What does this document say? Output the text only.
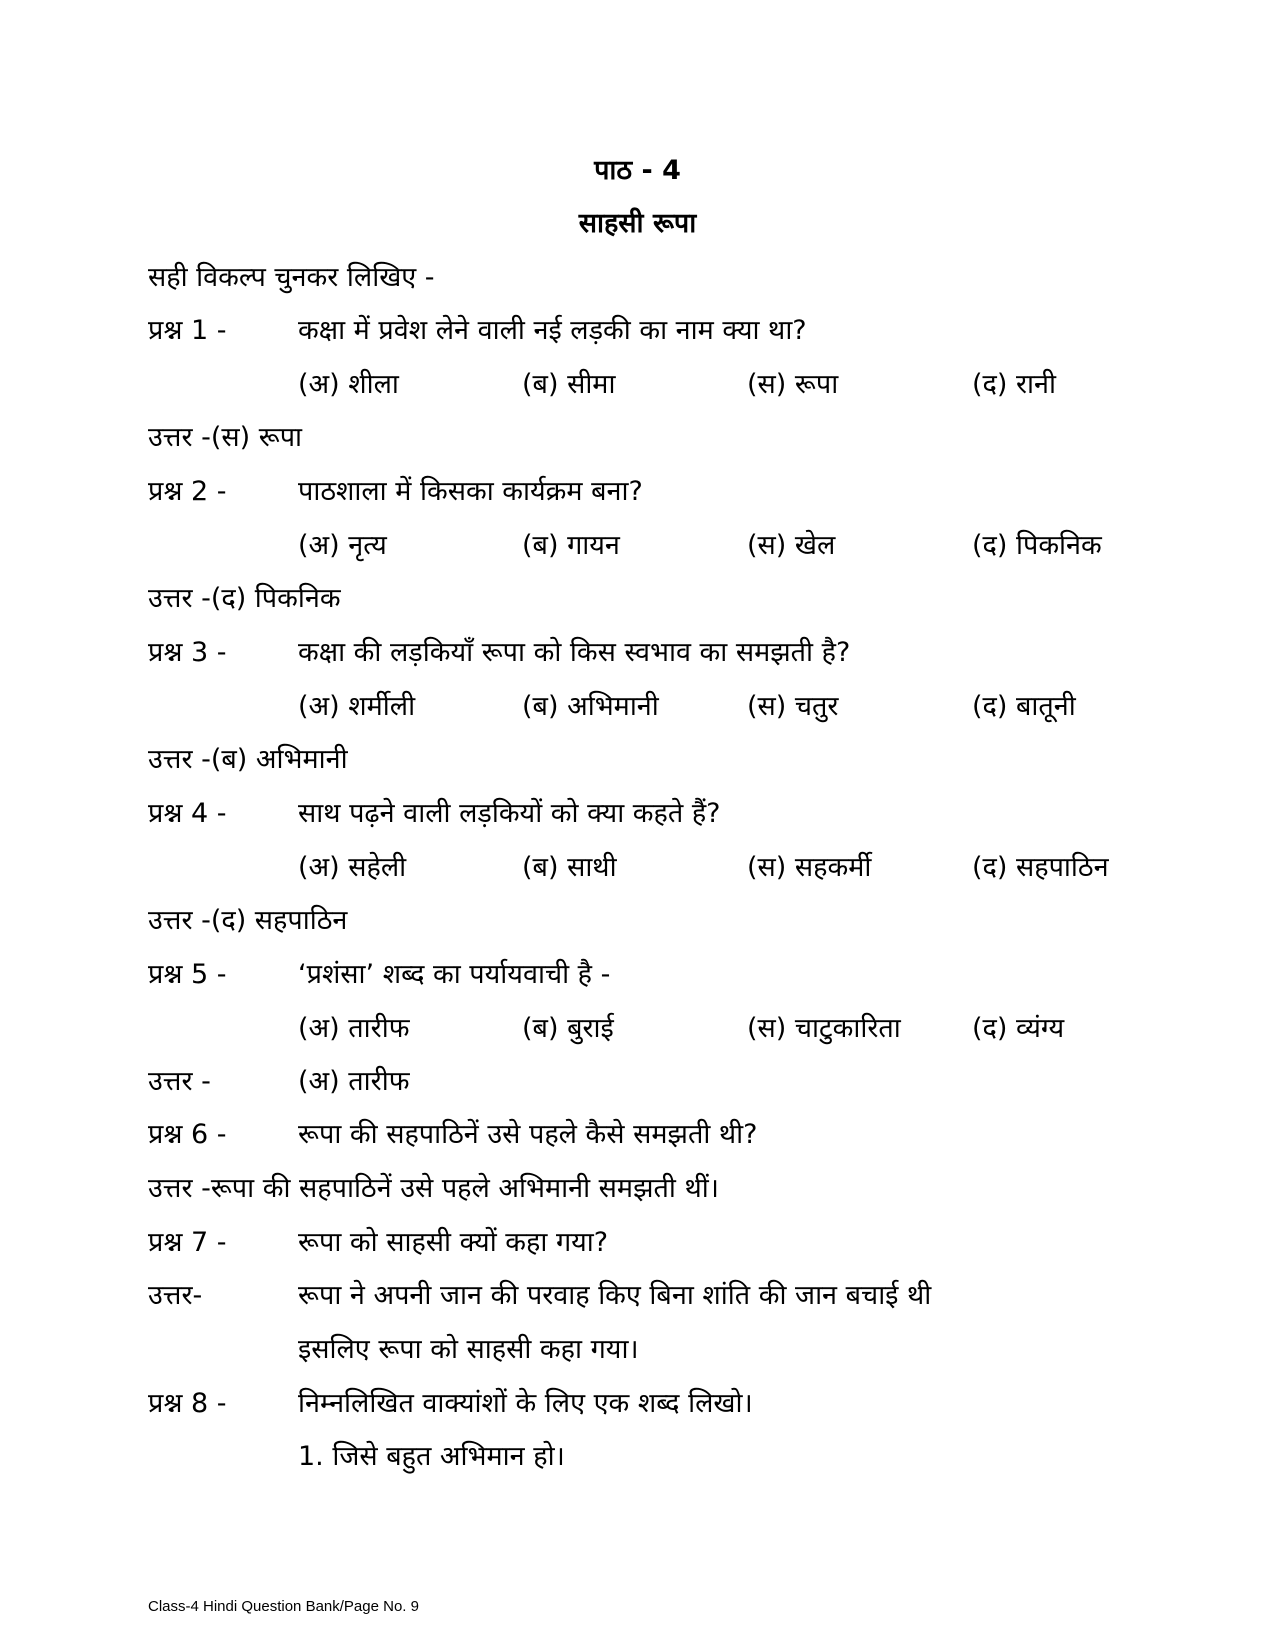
पाठ - 4
साहसी रूपा
सही विकल्प चुनकर लिखिए -
प्रश्न 1 -	कक्षा में प्रवेश लेने वाली नई लड़की का नाम क्या था?
(अ) शीला	(ब) सीमा	(स) रूपा	(द) रानी
उत्तर -(स) रूपा
प्रश्न 2 -	पाठशाला में किसका कार्यक्रम बना?
(अ) नृत्य	(ब) गायन	(स) खेल	(द) पिकनिक
उत्तर -(द) पिकनिक
प्रश्न 3 -	कक्षा की लड़कियाँ रूपा को किस स्वभाव का समझती है?
(अ) शर्मीली	(ब) अभिमानी	(स) चतुर	(द) बातूनी
उत्तर -(ब) अभिमानी
प्रश्न 4 -	साथ पढ़ने वाली लड़कियों को क्या कहते हैं?
(अ) सहेली	(ब) साथी	(स) सहकर्मी	(द) सहपाठिन
उत्तर -(द) सहपाठिन
प्रश्न 5 -	‘प्रशंसा’ शब्द का पर्यायवाची है -
(अ) तारीफ	(ब) बुराई	(स) चाटुकारिता	(द) व्यंग्य
उत्तर -	(अ) तारीफ
प्रश्न 6 -	रूपा की सहपाठिनें उसे पहले कैसे समझती थी?
उत्तर -रूपा की सहपाठिनें उसे पहले अभिमानी समझती थीं।
प्रश्न 7 -	रूपा को साहसी क्यों कहा गया?
उत्तर-	रूपा ने अपनी जान की परवाह किए बिना शांति की जान बचाई थी
इसलिए रूपा को साहसी कहा गया।
प्रश्न 8 -	निम्नलिखित वाक्यांशों के लिए एक शब्द लिखो।
1. जिसे बहुत अभिमान हो।
Class-4 Hindi Question Bank/Page No. 9
